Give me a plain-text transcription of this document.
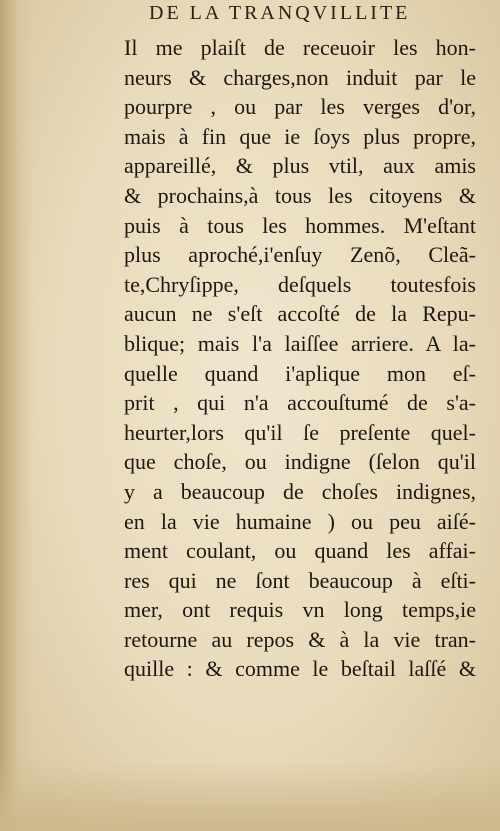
DE LA TRANQVILLITE
Il me plaiſt de receuoir les hon-
neurs & charges,non induit par le
pourpre , ou par les verges d'or,
mais à fin que ie ſoys plus propre,
appareillé, & plus vtil, aux amis
& prochains,à tous les citoyens &
puis à tous les hommes. M'eſtant
plus aproché,i'enſuy Zenõ, Cleã-
te,Chryſippe, deſquels toutesfois
aucun ne s'eſt accoſté de la Repu-
blique; mais l'a laiſſee arriere. A la-
quelle quand i'aplique mon eſ-
prit , qui n'a accouſtumé de s'a-
heurter,lors qu'il ſe preſente quel-
que choſe, ou indigne (ſelon qu'il
y a beaucoup de choſes indignes,
en la vie humaine ) ou peu aiſé-
ment coulant, ou quand les affai-
res qui ne ſont beaucoup à eſti-
mer, ont requis vn long temps,ie
retourne au repos & à la vie tran-
quille : & comme le beſtail laſſé &
